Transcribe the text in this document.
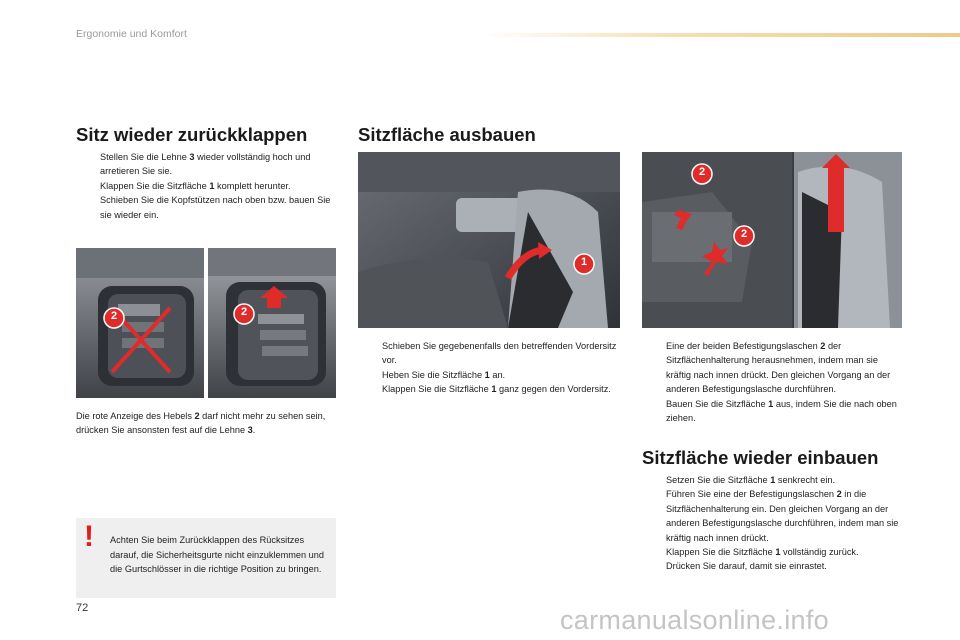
Ergonomie und Komfort
Sitz wieder zurückklappen
Stellen Sie die Lehne 3 wieder vollständig hoch und arretieren Sie sie.
Klappen Sie die Sitzfläche 1 komplett herunter.
Schieben Sie die Kopfstützen nach oben bzw. bauen Sie sie wieder ein.
2	2

Die rote Anzeige des Hebels 2 darf nicht mehr zu sehen sein, drücken Sie ansonsten fest auf die Lehne 3.

! Achten Sie beim Zurückklappen des Rücksitzes darauf, die Sicherheitsgurte nicht einzuklemmen und die Gurtschlösser in die richtige Position zu bringen.

Sitzfläche ausbauen
1
Schieben Sie gegebenenfalls den betreffenden Vordersitz vor.
Heben Sie die Sitzfläche 1 an.
Klappen Sie die Sitzfläche 1 ganz gegen den Vordersitz.
2
2
Eine der beiden Befestigungslaschen 2 der Sitzflächenhalterung herausnehmen, indem man sie kräftig nach innen drückt. Den gleichen Vorgang an der anderen Befestigungslasche durchführen.
Bauen Sie die Sitzfläche 1 aus, indem Sie die nach oben ziehen.
Sitzfläche wieder einbauen
Setzen Sie die Sitzfläche 1 senkrecht ein.
Führen Sie eine der Befestigungslaschen 2 in die Sitzflächenhalterung ein. Den gleichen Vorgang an der anderen Befestigungslasche durchführen, indem man sie kräftig nach innen drückt.
Klappen Sie die Sitzfläche 1 vollständig zurück.
Drücken Sie darauf, damit sie einrastet.
72	carmanualsonline.info
